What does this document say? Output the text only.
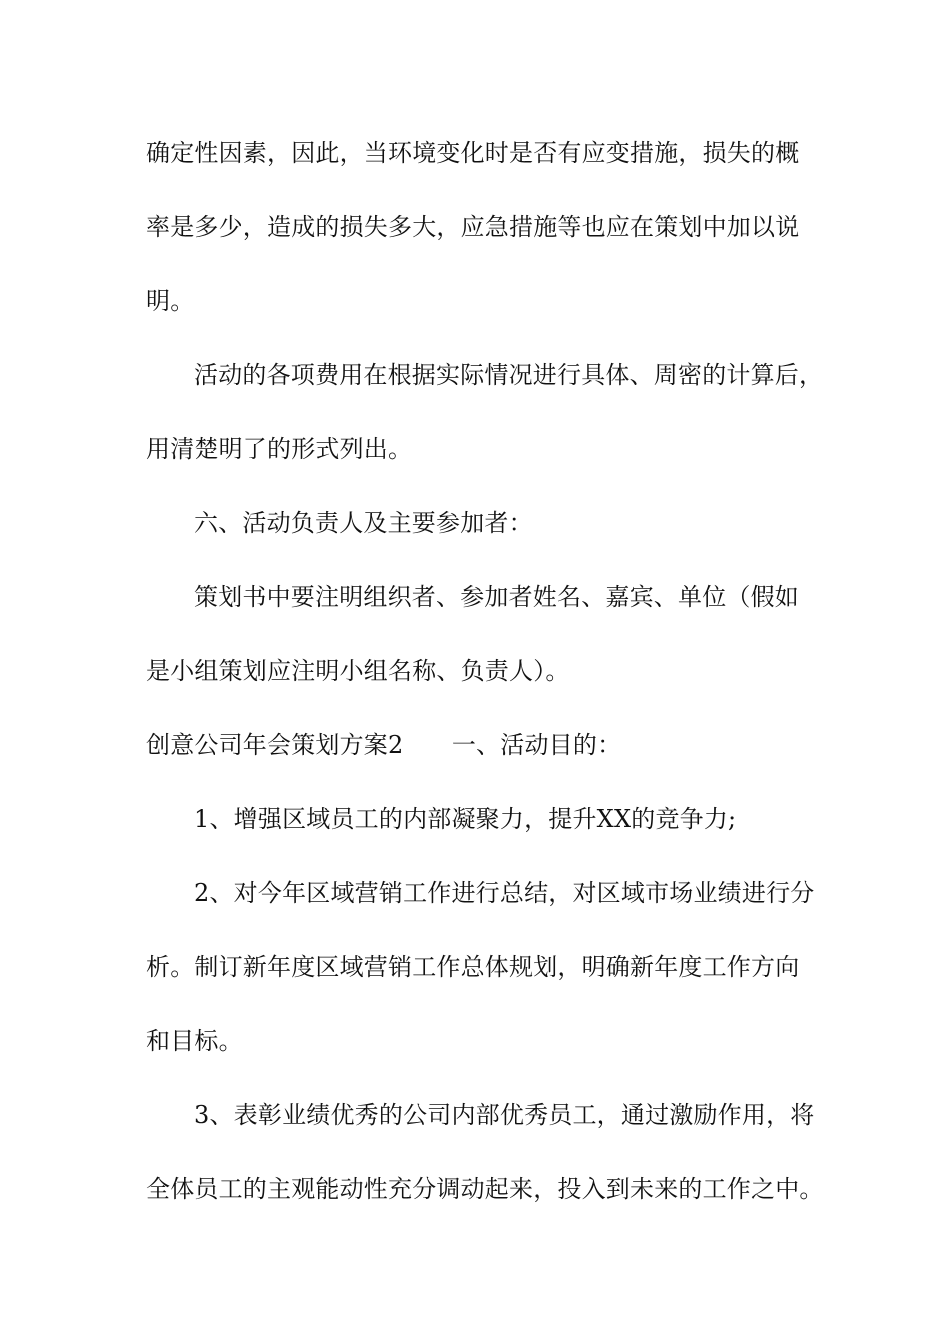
确定性因素，因此，当环境变化时是否有应变措施，损失的概
率是多少，造成的损失多大，应急措施等也应在策划中加以说
明。
活动的各项费用在根据实际情况进行具体、周密的计算后，
用清楚明了的形式列出。
六、活动负责人及主要参加者：
策划书中要注明组织者、参加者姓名、嘉宾、单位（假如
是小组策划应注明小组名称、负责人）。
创意公司年会策划方案2　　一、活动目的：
1、增强区域员工的内部凝聚力，提升XX的竞争力;
2、对今年区域营销工作进行总结，对区域市场业绩进行分
析。制订新年度区域营销工作总体规划，明确新年度工作方向
和目标。
3、表彰业绩优秀的公司内部优秀员工，通过激励作用，将
全体员工的主观能动性充分调动起来，投入到未来的工作之中。
